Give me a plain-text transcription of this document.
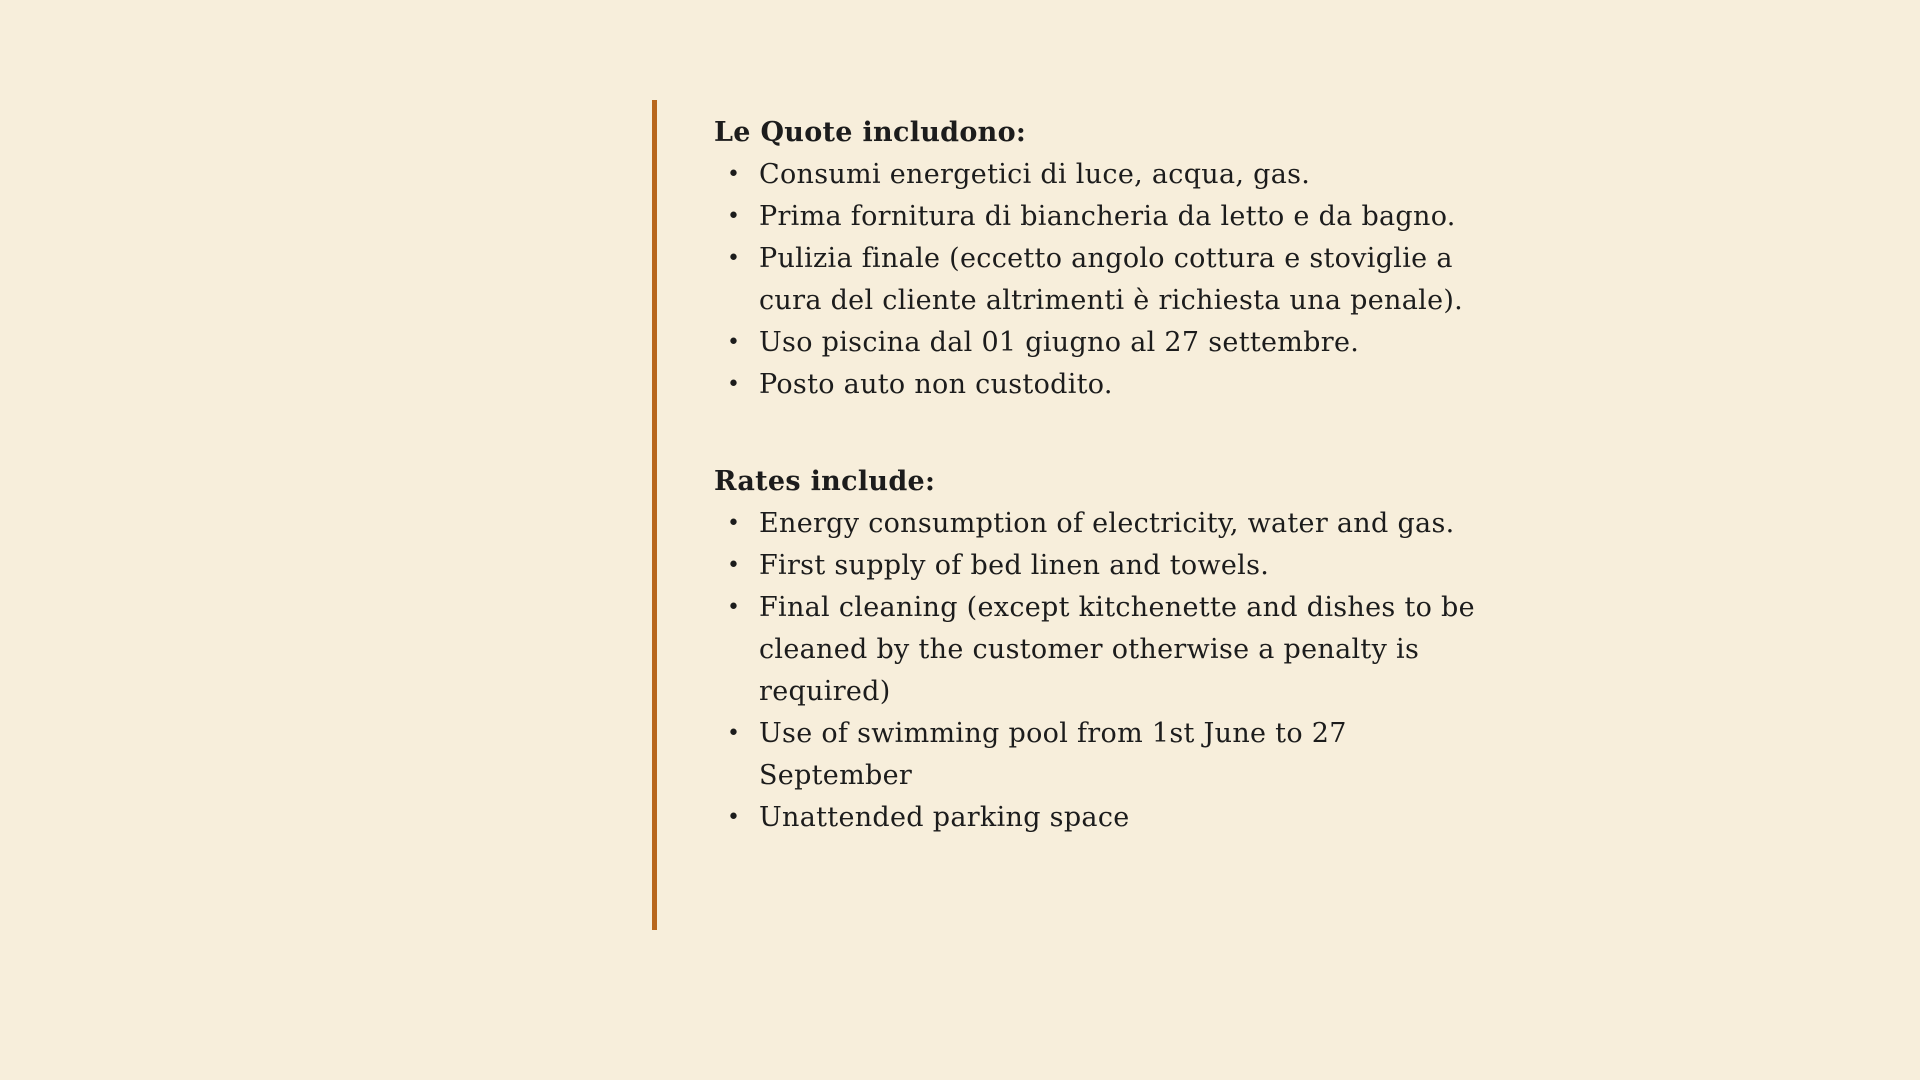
Le Quote includono:

• Consumi energetici di luce, acqua, gas.
• Prima fornitura di biancheria da letto e da bagno.
• Pulizia finale (eccetto angolo cottura e stoviglie a cura del cliente altrimenti è richiesta una penale).
• Uso piscina dal 01 giugno al 27 settembre.
• Posto auto non custodito.

Rates include:

• Energy consumption of electricity, water and gas.
• First supply of bed linen and towels.
• Final cleaning (except kitchenette and dishes to be cleaned by the customer otherwise a penalty is required)
• Use of swimming pool from 1st June to 27 September
• Unattended parking space
